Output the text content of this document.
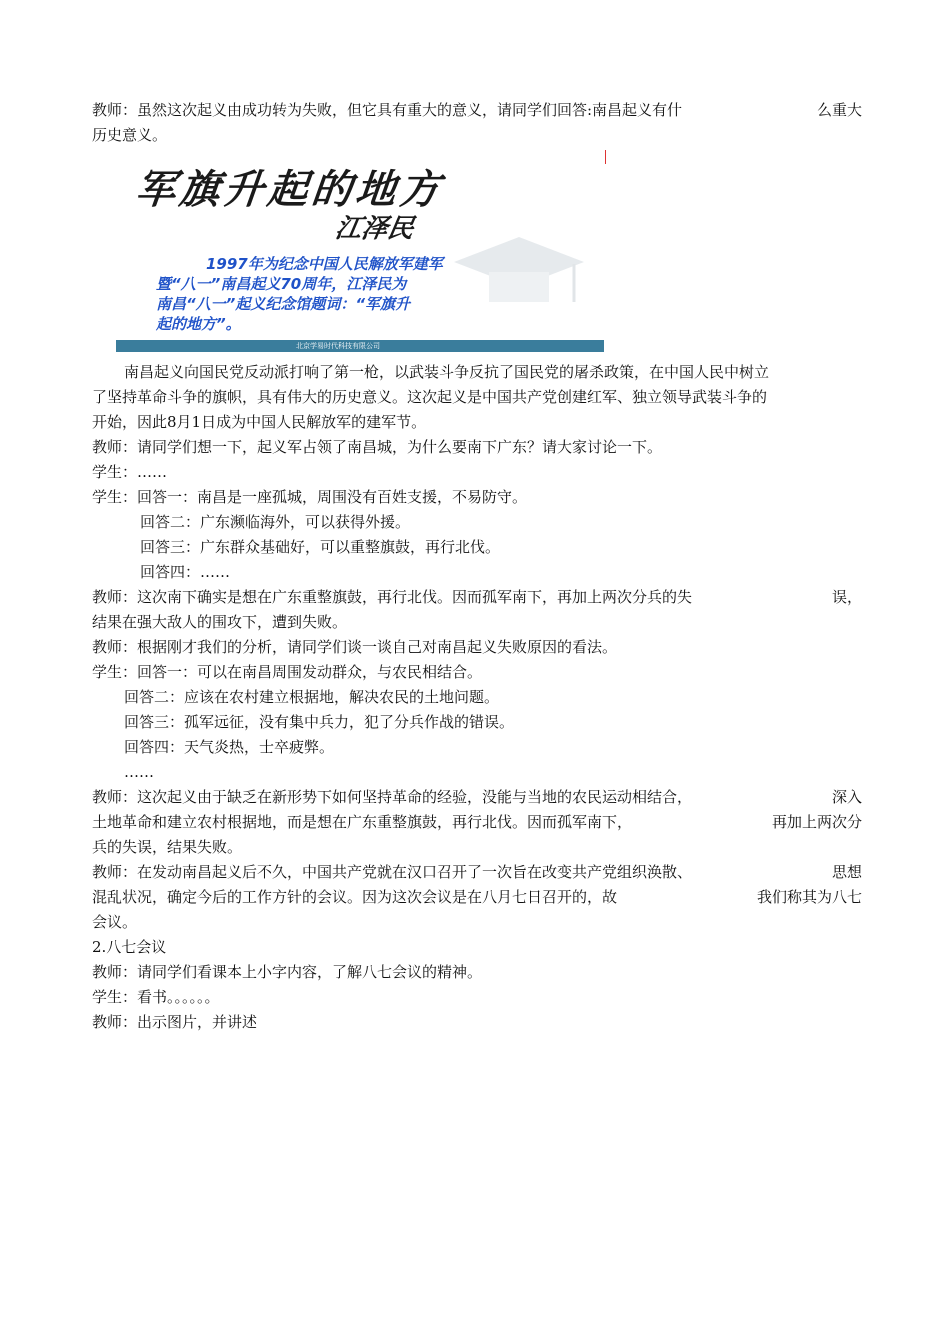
教师：虽然这次起义由成功转为失败，但它具有重大的意义，请同学们回答:南昌起义有什	么重大

历史意义。

军旗升起的地方
江泽民

1997年为纪念中国人民解放军建军

暨“八一”南昌起义70周年，江泽民为

南昌“八一”起义纪念馆题词：“军旗升

起的地方”。

北京学易时代科技有限公司

南昌起义向国民党反动派打响了第一枪，以武装斗争反抗了国民党的屠杀政策，在中国人民中树立

了坚持革命斗争的旗帜，具有伟大的历史意义。这次起义是中国共产党创建红军、独立领导武装斗争的

开始，因此8月1日成为中国人民解放军的建军节。

教师：请同学们想一下，起义军占领了南昌城，为什么要南下广东？请大家讨论一下。

学生：……

学生：回答一：南昌是一座孤城，周围没有百姓支援，不易防守。

回答二：广东濒临海外，可以获得外援。

回答三：广东群众基础好，可以重整旗鼓，再行北伐。

回答四：……

教师：这次南下确实是想在广东重整旗鼓，再行北伐。因而孤军南下，再加上两次分兵的失	误，

结果在强大敌人的围攻下，遭到失败。

教师：根据刚才我们的分析，请同学们谈一谈自己对南昌起义失败原因的看法。

学生：回答一：可以在南昌周围发动群众，与农民相结合。

回答二：应该在农村建立根据地，解决农民的土地问题。

回答三：孤军远征，没有集中兵力，犯了分兵作战的错误。

回答四：天气炎热，士卒疲弊。

……

教师：这次起义由于缺乏在新形势下如何坚持革命的经验，没能与当地的农民运动相结合，	深入

土地革命和建立农村根据地，而是想在广东重整旗鼓，再行北伐。因而孤军南下，	再加上两次分

兵的失误，结果失败。

教师：在发动南昌起义后不久，中国共产党就在汉口召开了一次旨在改变共产党组织涣散、	思想

混乱状况，确定今后的工作方针的会议。因为这次会议是在八月七日召开的，故	我们称其为八七

会议。

2.八七会议

教师：请同学们看课本上小字内容，了解八七会议的精神。

学生：看书。。。。。。

教师：出示图片，并讲述
